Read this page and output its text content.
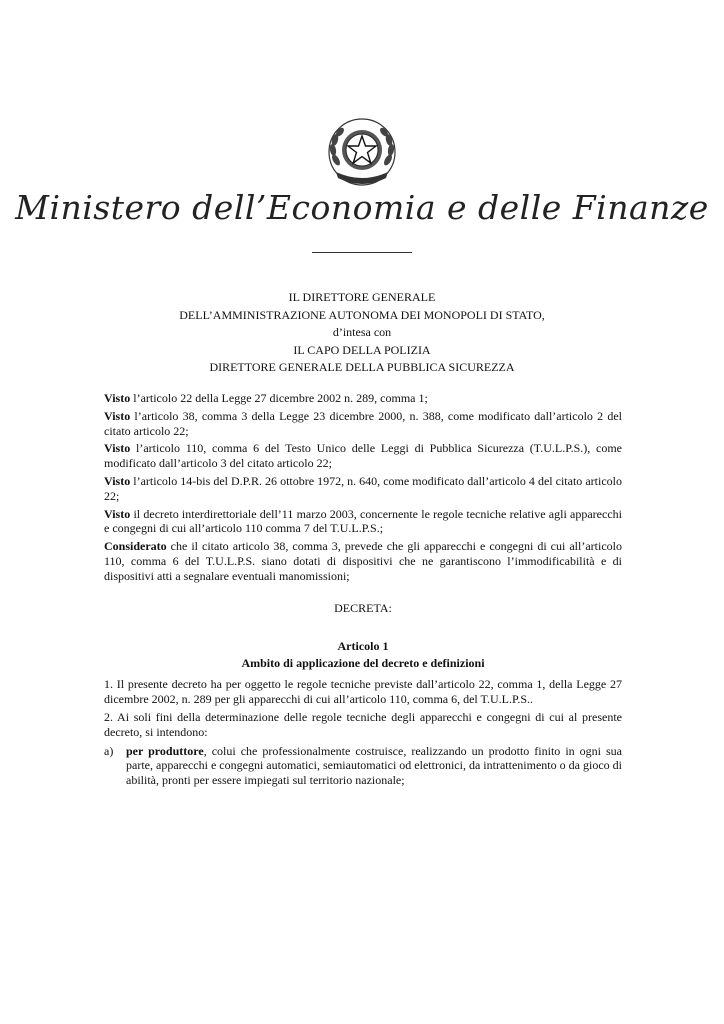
Ministero dell’Economia e delle Finanze
IL DIRETTORE GENERALE
DELL’AMMINISTRAZIONE AUTONOMA DEI MONOPOLI DI STATO,
d’intesa con
IL CAPO DELLA POLIZIA
DIRETTORE GENERALE DELLA PUBBLICA SICUREZZA

Visto l’articolo 22 della Legge 27 dicembre 2002 n. 289, comma 1;

Visto l’articolo 38, comma 3 della Legge 23 dicembre 2000, n. 388, come modificato dall’articolo 2 del citato articolo 22;

Visto l’articolo 110, comma 6 del Testo Unico delle Leggi di Pubblica Sicurezza (T.U.L.P.S.), come modificato dall’articolo 3 del citato articolo 22;

Visto l’articolo 14-bis del D.P.R. 26 ottobre 1972, n. 640, come modificato dall’articolo 4 del citato articolo 22;

Visto il decreto interdirettoriale dell’11 marzo 2003, concernente le regole tecniche relative agli apparecchi e congegni di cui all’articolo 110 comma 7 del T.U.L.P.S.;

Considerato che il citato articolo 38, comma 3, prevede che gli apparecchi e congegni di cui all’articolo 110, comma 6 del T.U.L.P.S. siano dotati di dispositivi che ne garantiscono l’immodificabilità e di dispositivi atti a segnalare eventuali manomissioni;

DECRETA:

Articolo 1

Ambito di applicazione del decreto e definizioni

1. Il presente decreto ha per oggetto le regole tecniche previste dall’articolo 22, comma 1, della Legge 27 dicembre 2002, n. 289 per gli apparecchi di cui all’articolo 110, comma 6, del T.U.L.P.S..

2. Ai soli fini della determinazione delle regole tecniche degli apparecchi e congegni di cui al presente decreto, si intendono:

a)	per produttore, colui che professionalmente costruisce, realizzando un prodotto finito in ogni sua parte, apparecchi e congegni automatici, semiautomatici od elettronici, da intrattenimento o da gioco di abilità, pronti per essere impiegati sul territorio nazionale;
